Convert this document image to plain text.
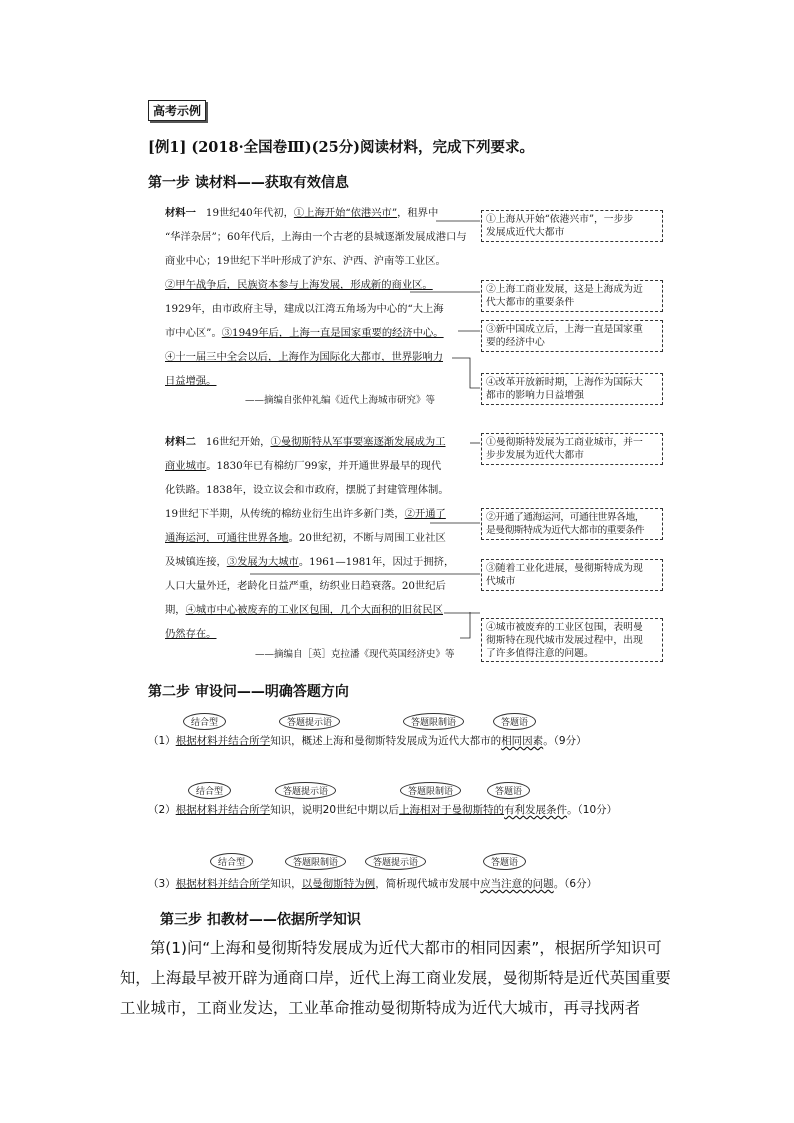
高考示例
[例1] (2018·全国卷Ⅲ)(25分)阅读材料，完成下列要求。
第一步 读材料——获取有效信息
材料一 19世纪40年代初，①上海开始“依港兴市”，租界中
“华洋杂居”；60年代后，上海由一个古老的县城逐渐发展成港口与
商业中心；19世纪下半叶形成了沪东、沪西、沪南等工业区。
②甲午战争后，民族资本参与上海发展，形成新的商业区。
1929年，由市政府主导，建成以江湾五角场为中心的“大上海
市中心区”。③1949年后，上海一直是国家重要的经济中心。
④十一届三中全会以后，上海作为国际化大都市，世界影响力
日益增强。
——摘编自张仲礼编《近代上海城市研究》等
①上海从开始“依港兴市”，一步步
发展成近代大都市
②上海工商业发展，这是上海成为近
代大都市的重要条件
③新中国成立后，上海一直是国家重
要的经济中心
④改革开放新时期，上海作为国际大
都市的影响力日益增强
材料二 16世纪开始，①曼彻斯特从军事要塞逐渐发展成为工
商业城市。1830年已有棉纺厂99家，并开通世界最早的现代
化铁路。1838年，设立议会和市政府，摆脱了封建管理体制。
19世纪下半期，从传统的棉纺业衍生出许多新门类，②开通了
通海运河，可通往世界各地。20世纪初，不断与周围工业社区
及城镇连接，③发展为大城市。1961—1981年，因过于拥挤，
人口大量外迁，老龄化日益严重，纺织业日趋衰落。20世纪后
期，④城市中心被废弃的工业区包围，几个大面积的旧贫民区
仍然存在。
——摘编自［英］克拉潘《现代英国经济史》等
①曼彻斯特发展为工商业城市，并一
步步发展为近代大都市
②开通了通海运河，可通往世界各地，
是曼彻斯特成为近代大都市的重要条件
③随着工业化进展，曼彻斯特成为现
代城市
④城市被废弃的工业区包围，表明曼
彻斯特在现代城市发展过程中，出现
了许多值得注意的问题。
第二步 审设问——明确答题方向
结合型	答题提示语	答题限制语	答题语
（1）根据材料并结合所学知识，概述上海和曼彻斯特发展成为近代大都市的相同因素。（9分）
结合型	答题提示语	答题限制语	答题语
（2）根据材料并结合所学知识，说明20世纪中期以后上海相对于曼彻斯特的有利发展条件。（10分）
结合型	答题限制语	答题提示语	答题语
（3）根据材料并结合所学知识，以曼彻斯特为例，简析现代城市发展中应当注意的问题。（6分）
第三步 扣教材——依据所学知识
第(1)问“上海和曼彻斯特发展成为近代大都市的相同因素”，根据所学知识可知，上海最早被开辟为通商口岸，近代上海工商业发展，曼彻斯特是近代英国重要工业城市，工商业发达，工业革命推动曼彻斯特成为近代大城市，再寻找两者
